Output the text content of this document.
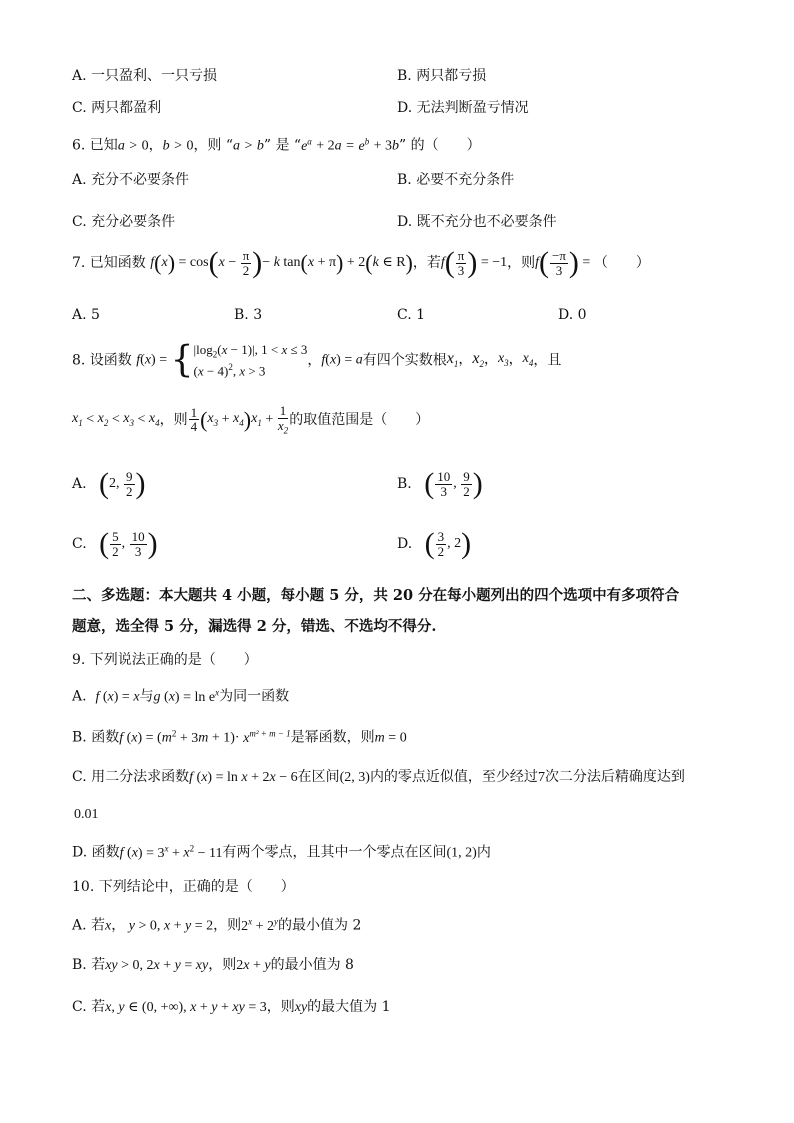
A. 一只盈利、一只亏损	B. 两只都亏损
C. 两只都盈利	D. 无法判断盈亏情况
6. 已知a > 0，b > 0，则 “a > b” 是 “$e^a + 2a = e^b + 3b$” 的（　　）
A. 充分不必要条件	B. 必要不充分条件
C. 充分必要条件	D. 既不充分也不必要条件
7. 已知函数 $f(x) = \cos(x - \frac{\pi}{2}$ )− k tan(x + π) + 2(k ∈ R)，若$f( \frac{\pi}{3}$ ) = −1，则$f( \frac{-\pi}{3}$ ) = （　　）
A. 5	B. 3	C. 1	D. 0
8. 设函数 f(x) = { $|\log_2(x - 1)|$, 1 < x ≤ 3
$(x - 4)^2$, x > 3
，f(x) = a有四个实数根$x_1$，$x_2$，$x_3$，$x_4$，且
$x_1 < x_2 < x_3 < x_4$，则 $\frac{1}{4} (x_3 + x_4)x_1 + \frac{1}{x_2}$ 的取值范围是（　　）
A. (2, $\frac{9}{2}$ )	B. ( $\frac{10}{3}$ , $\frac{9}{2}$ )
C. ( $\frac{5}{2}$ , $\frac{10}{3}$ )	D. ( $\frac{3}{2}$ , 2)
二、多选题：本大题共 4 小题，每小题 5 分，共 20 分在每小题列出的四个选项中有多项符合
题意，选全得 5 分，漏选得 2 分，错选、不选均不得分.
9. 下列说法正确的是（　　）
A. f (x) = x与g $(x) = \ln e^x$为同一函数
B. 函数f $(x) = (m^2 + 3m + 1)\cdot x^{m^2 + m - 1}$是幂函数，则m = 0
C. 用二分法求函数f (x) = ln x + 2x − 6在区间(2, 3)内的零点近似值，至少经过7次二分法后精确度达到
0.01
D. 函数f $(x) = 3^x + x^2 - 11$有两个零点，且其中一个零点在区间(1, 2)内
10. 下列结论中，正确的是（　　）
A. 若x， y > 0, x + y = 2，则$2^x + 2^y$的最小值为 2
B. 若xy > 0, 2x + y = xy，则2x + y的最小值为 8
C. 若x, y ∈ (0, +∞), x + y + xy = 3，则xy的最大值为 1
